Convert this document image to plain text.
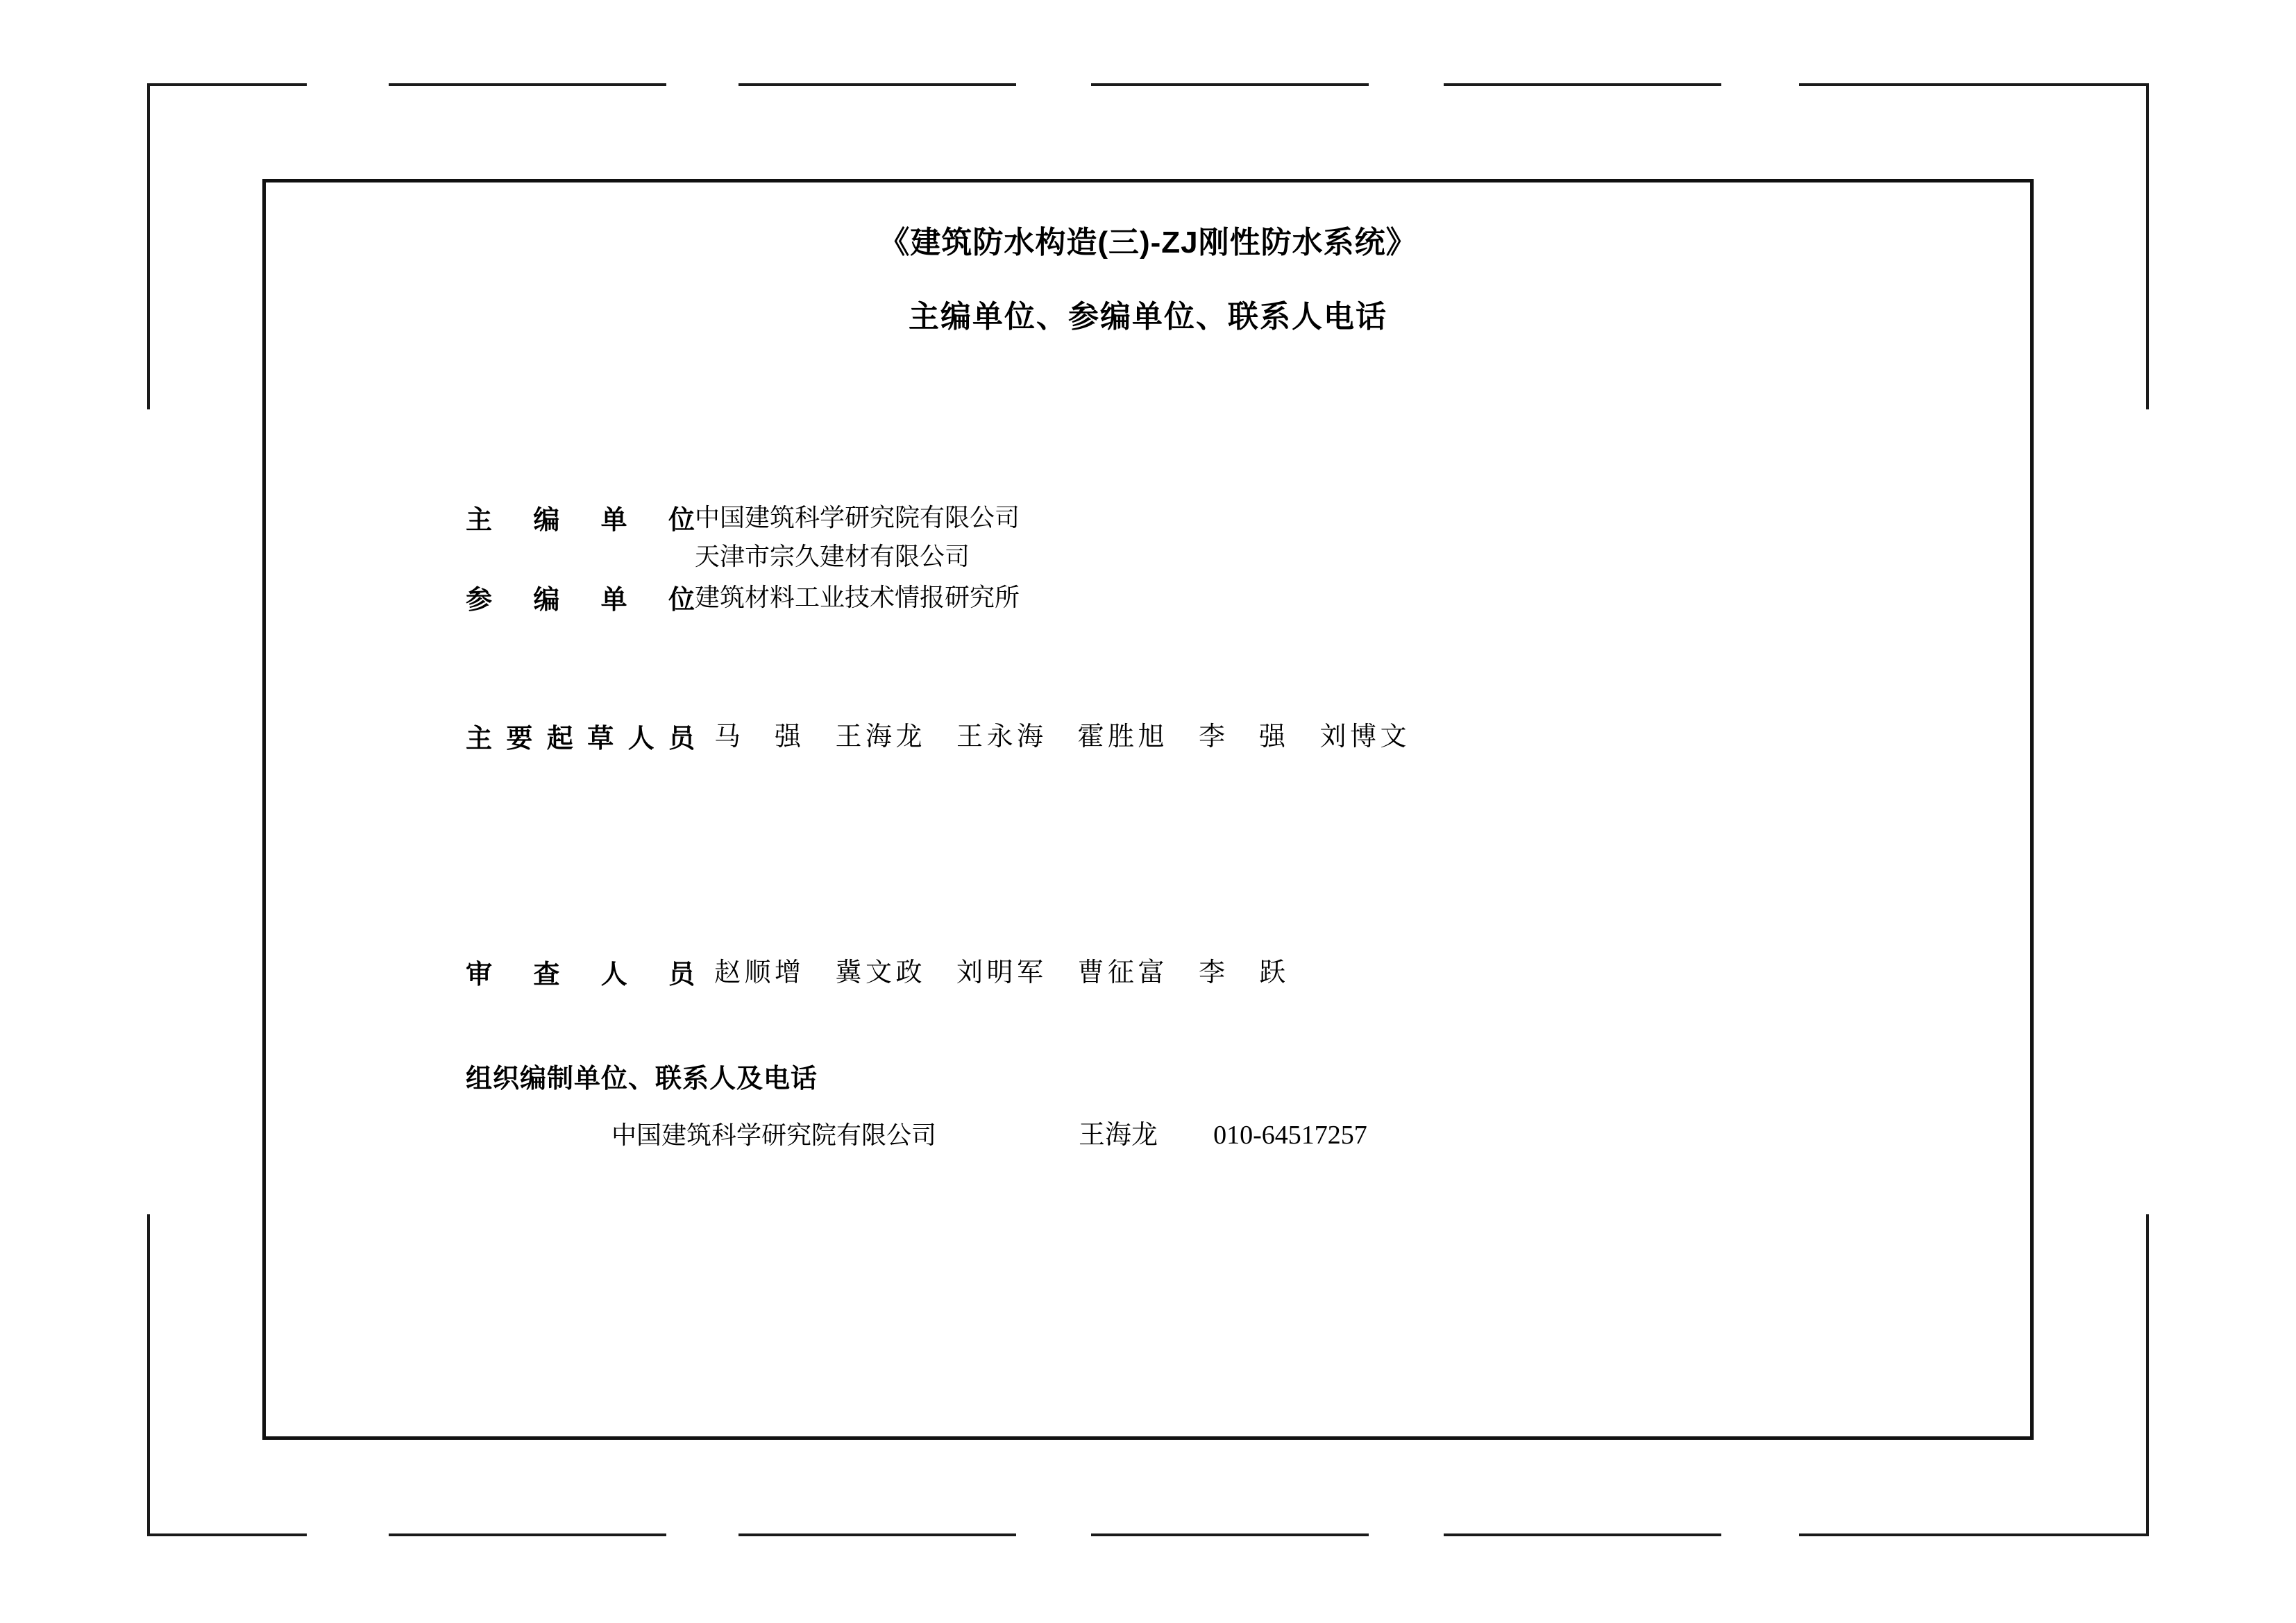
《建筑防水构造(三)-ZJ刚性防水系统》
主编单位、参编单位、联系人电话
主编单位 中国建筑科学研究院有限公司
天津市宗久建材有限公司
参编单位 建筑材料工业技术情报研究所
主要起草人员 马 强 王海龙 王永海 霍胜旭 李 强 刘博文
审查人员 赵顺增 冀文政 刘明军 曹征富 李 跃
组织编制单位、联系人及电话
中国建筑科学研究院有限公司	王海龙 010-64517257
